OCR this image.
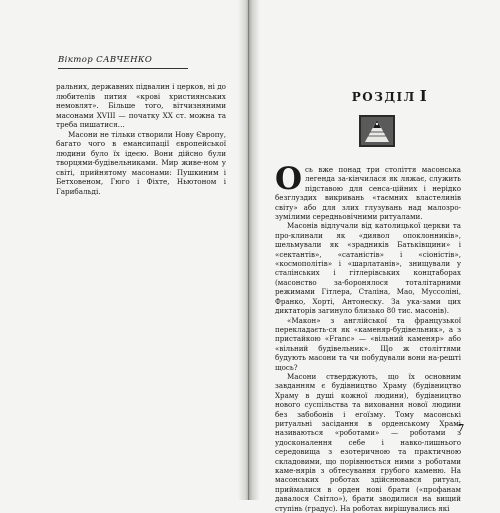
Віктор САВЧЕНКО

ральних, державних підвалин і церков, ні до любителів пития «крові християнських немовлят». Більше того, вітчизняними масонами XVIII — початку XX ст. можна та треба пишатися…

Масони не тільки створили Нову Європу, багато чого в емансипації європейської людини було їх ідеєю. Вони дійсно були творцями-будівельниками. Мир живе-ном у світі, прийнятому масонами: Пушкиним і Бетховеном, Гюго і Фіхте, Ньютоном і Гарибальді.

РОЗДІЛ I

Ось вже понад три століття масонська легенда за-кінчилася як ляжає, служить підставою для сенса-ційних і нерідко безглуздих викривань «таємних властелинів світу» або для злих глузувань над малозро-зумілими середньовічними ритуалами.

Масонів відлучали від католицької церкви та про-клинали як «диявол опоклонників», шельмували як «зрадників Батьківщини» і «сектантів», «сатаністів» і «сіоністів», «космополітів» і «шарлатанів», знищували у сталінських і гітлерівських концтаборах (масонство за-боронялося тоталітарними режимами Гітлера, Сталіна, Мао, Муссоліні, Франко, Хорті, Антонеску. За ука-зами цих диктаторів загинуло близько 80 тис. масонів).

«Макон» з англійської та французької перекладаєть-ся як «каменяр-будівельник», а з пристайкою «Franc» — «вільний каменяр» або «вільний будівельник». Що ж століттями будують масони та чи побудували вони на-решті щось?

Масони стверджують, що їх основним завданням є будівництво Храму (будівництво Храму в душі кожної людини), будівництво нового суспільства та виховання нової людини без забобонів і егоїзму. Тому масонські ритуальні засідання в орденському Храмі називаються «роботами» — роботами з удосконалення себе і навко-лишнього середовища з езотеричною та практичною складовими, що порівнюється ними з роботами каме-нярів з обтесування грубого каменю. На масонських роботах здійснювався ритуал, приймалися в орден нові брати («профанам давалося Світло»), брати зводилися на вищий ступінь (градус). На роботах вирішувались які

7
